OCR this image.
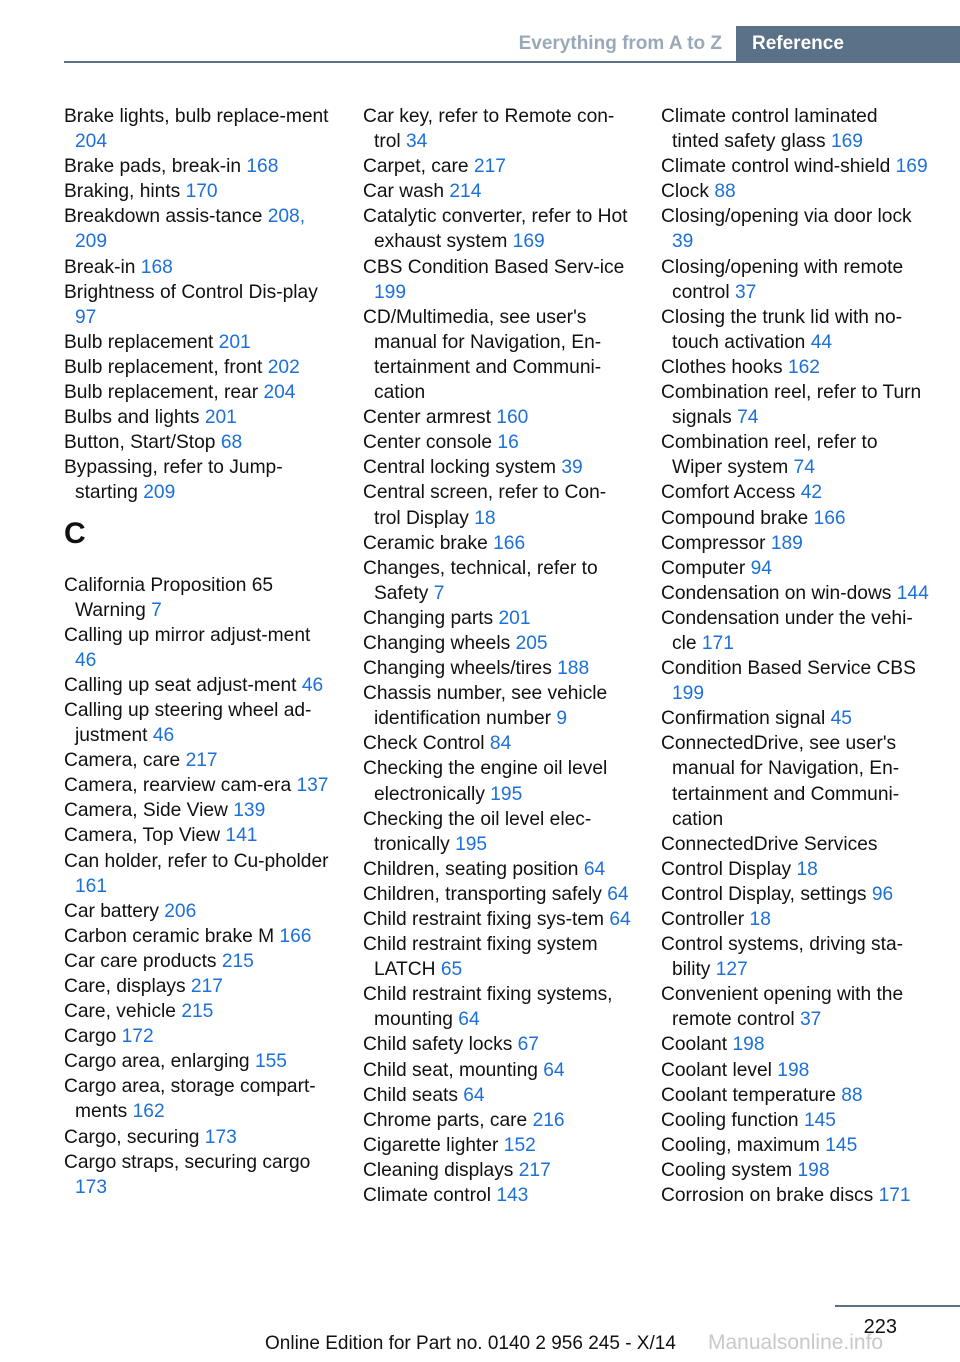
Everything from A to Z	Reference
Brake lights, bulb replace‐ment 204
Brake pads, break-in 168
Braking, hints 170
Breakdown assis‐tance 208, 209
Break-in 168
Brightness of Control Dis‐play 97
Bulb replacement 201
Bulb replacement, front 202
Bulb replacement, rear 204
Bulbs and lights 201
Button, Start/Stop 68
Bypassing, refer to Jump-starting 209
C
California Proposition 65 Warning 7
Calling up mirror adjust‐ment 46
Calling up seat adjust‐ment 46
Calling up steering wheel ad‐justment 46
Camera, care 217
Camera, rearview cam‐era 137
Camera, Side View 139
Camera, Top View 141
Can holder, refer to Cu‐pholder 161
Car battery 206
Carbon ceramic brake M 166
Car care products 215
Care, displays 217
Care, vehicle 215
Cargo 172
Cargo area, enlarging 155
Cargo area, storage compart‐ments 162
Cargo, securing 173
Cargo straps, securing cargo 173
Car key, refer to Remote con‐trol 34
Carpet, care 217
Car wash 214
Catalytic converter, refer to Hot exhaust system 169
CBS Condition Based Serv‐ice 199
CD/Multimedia, see user's manual for Navigation, En‐tertainment and Communi‐cation
Center armrest 160
Center console 16
Central locking system 39
Central screen, refer to Con‐trol Display 18
Ceramic brake 166
Changes, technical, refer to Safety 7
Changing parts 201
Changing wheels 205
Changing wheels/tires 188
Chassis number, see vehicle identification number 9
Check Control 84
Checking the engine oil level electronically 195
Checking the oil level elec‐tronically 195
Children, seating position 64
Children, transporting safely 64
Child restraint fixing sys‐tem 64
Child restraint fixing system LATCH 65
Child restraint fixing systems, mounting 64
Child safety locks 67
Child seat, mounting 64
Child seats 64
Chrome parts, care 216
Cigarette lighter 152
Cleaning displays 217
Climate control 143
Climate control laminated tinted safety glass 169
Climate control wind‐shield 169
Clock 88
Closing/opening via door lock 39
Closing/opening with remote control 37
Closing the trunk lid with no-touch activation 44
Clothes hooks 162
Combination reel, refer to Turn signals 74
Combination reel, refer to Wiper system 74
Comfort Access 42
Compound brake 166
Compressor 189
Computer 94
Condensation on win‐dows 144
Condensation under the vehi‐cle 171
Condition Based Service CBS 199
Confirmation signal 45
ConnectedDrive, see user's manual for Navigation, En‐tertainment and Communi‐cation
ConnectedDrive Services
Control Display 18
Control Display, settings 96
Controller 18
Control systems, driving sta‐bility 127
Convenient opening with the remote control 37
Coolant 198
Coolant level 198
Coolant temperature 88
Cooling function 145
Cooling, maximum 145
Cooling system 198
Corrosion on brake discs 171
223
Online Edition for Part no. 0140 2 956 245 - X/14 Manualsonline.info
